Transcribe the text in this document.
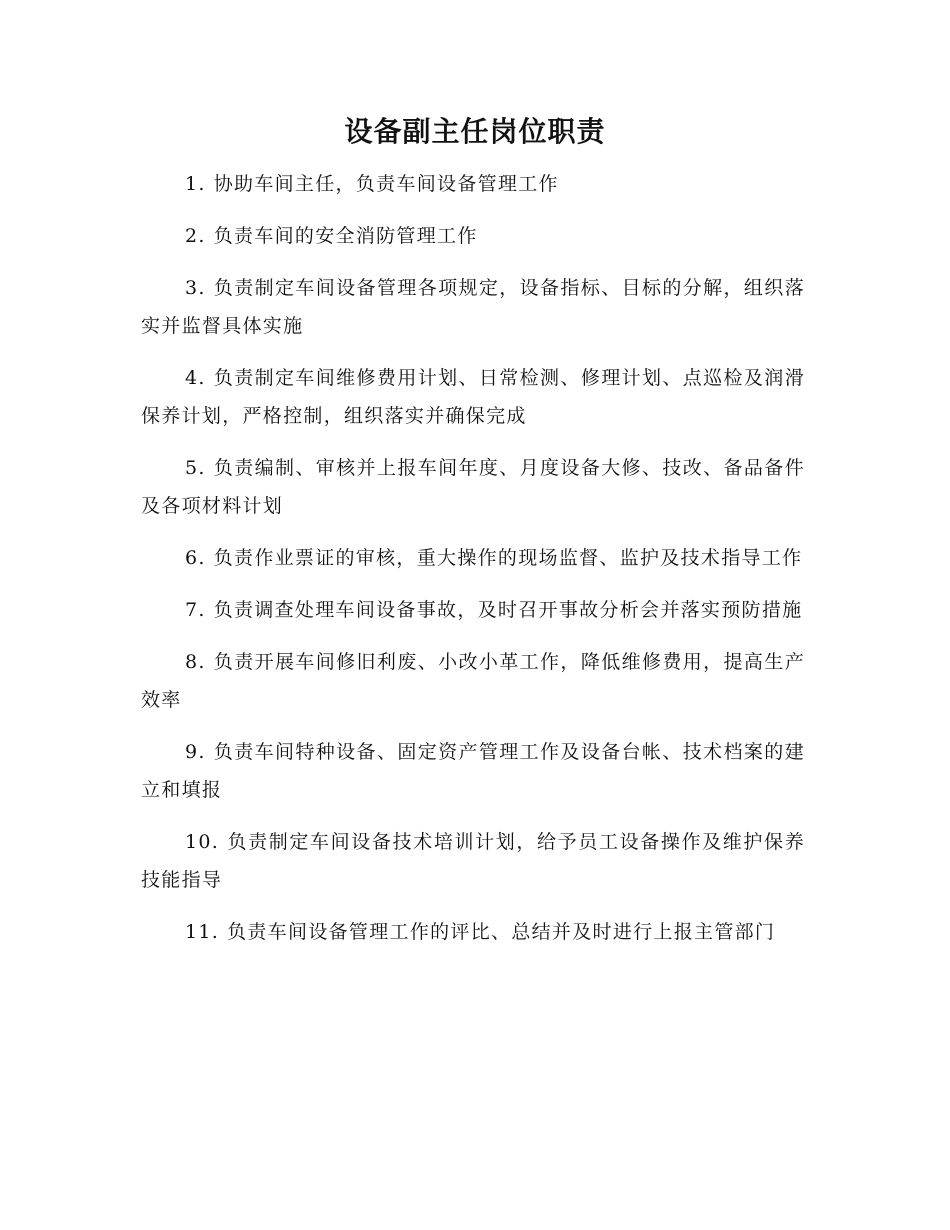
设备副主任岗位职责
1. 协助车间主任，负责车间设备管理工作
2. 负责车间的安全消防管理工作
3. 负责制定车间设备管理各项规定，设备指标、目标的分解，组织落实并监督具体实施
4. 负责制定车间维修费用计划、日常检测、修理计划、点巡检及润滑保养计划，严格控制，组织落实并确保完成
5. 负责编制、审核并上报车间年度、月度设备大修、技改、备品备件及各项材料计划
6. 负责作业票证的审核，重大操作的现场监督、监护及技术指导工作
7. 负责调查处理车间设备事故，及时召开事故分析会并落实预防措施
8. 负责开展车间修旧利废、小改小革工作，降低维修费用，提高生产效率
9. 负责车间特种设备、固定资产管理工作及设备台帐、技术档案的建立和填报
10. 负责制定车间设备技术培训计划，给予员工设备操作及维护保养技能指导
11. 负责车间设备管理工作的评比、总结并及时进行上报主管部门
